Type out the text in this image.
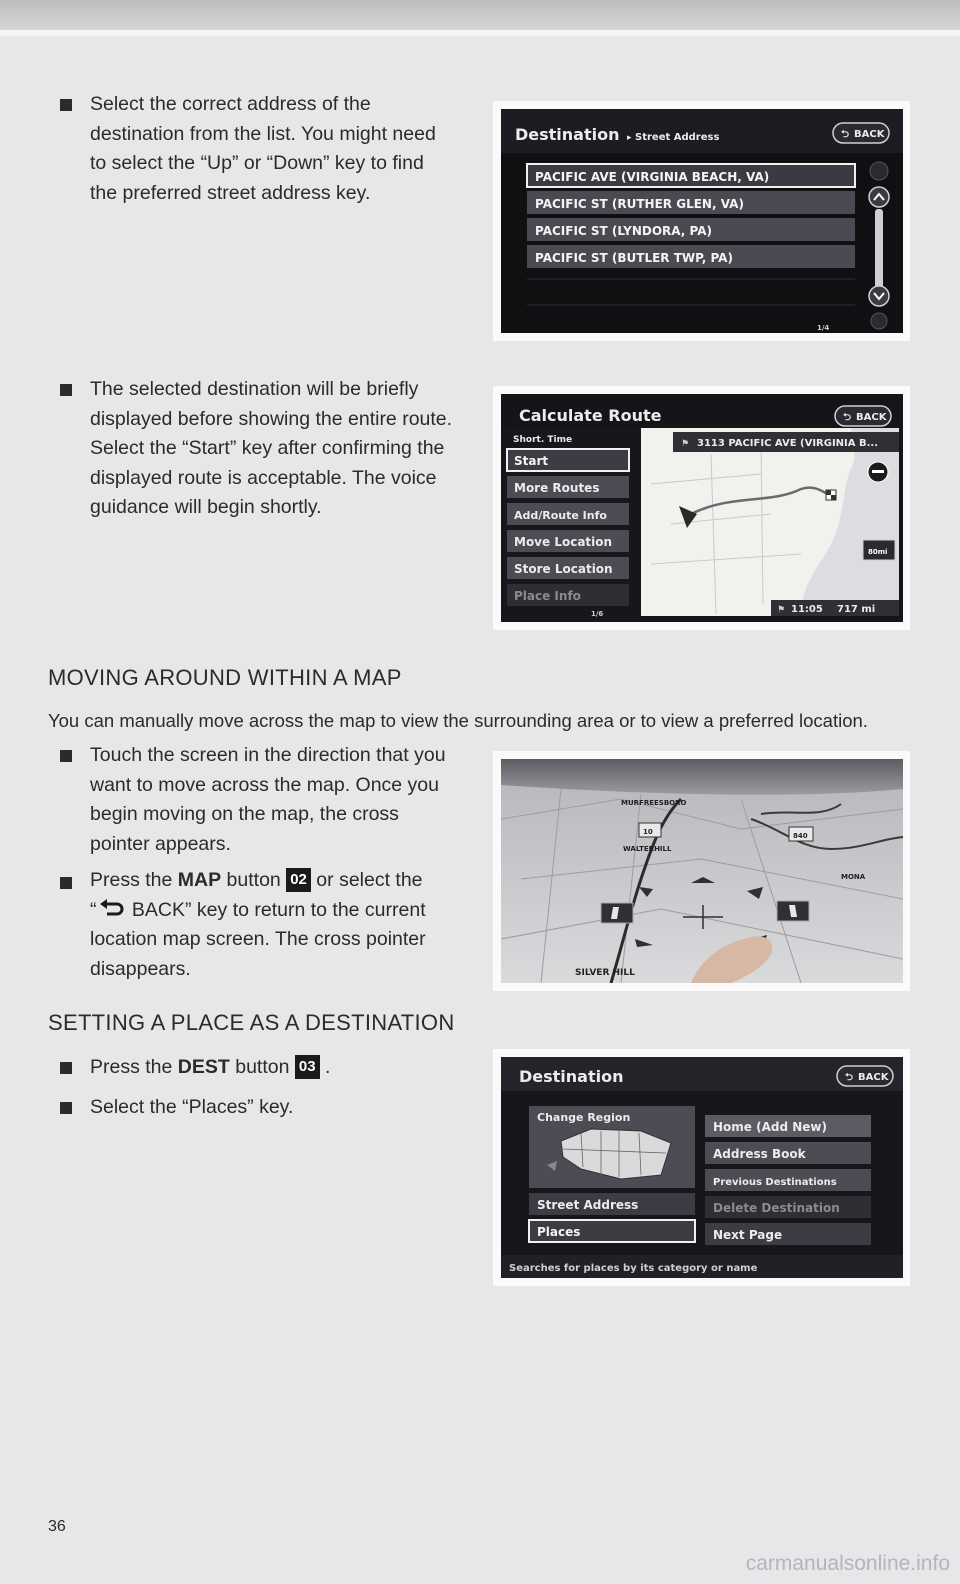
Select the correct address of the
destination from the list. You might need
to select the “Up” or “Down” key to find
the preferred street address key.

The selected destination will be briefly
displayed before showing the entire route.
Select the “Start” key after confirming the
displayed route is acceptable. The voice
guidance will begin shortly.

MOVING AROUND WITHIN A MAP

You can manually move across the map to view the surrounding area or to view a preferred location.

Touch the screen in the direction that you
want to move across the map. Once you
begin moving on the map, the cross
pointer appears.

Press the MAP button 02 or select the
“ BACK” key to return to the current
location map screen. The cross pointer
disappears.

SETTING A PLACE AS A DESTINATION

Press the DEST button 03 .

Select the “Places” key.

Destination ▸ Street Address	⮌ BACK
PACIFIC AVE (VIRGINIA BEACH, VA)
PACIFIC ST (RUTHER GLEN, VA)
PACIFIC ST (LYNDORA, PA)
PACIFIC ST (BUTLER TWP, PA)
1/4
Calculate Route	⮌ BACK
80mi
⚑ 3113 PACIFIC AVE (VIRGINIA B...
⚑ 11:05 717 mi
Short. Time
Start
More Routes
Add/Route Info
Move Location
Store Location
Place Info
1/6
10	840
MURFREESBORO
WALTERHILL
MONA
SILVER HILL
Destination	⮌ BACK
Change Region
Street Address
Places
Home (Add New)
Address Book
Previous Destinations
Delete Destination
Next Page
Searches for places by its category or name
36
carmanualsonline.info
